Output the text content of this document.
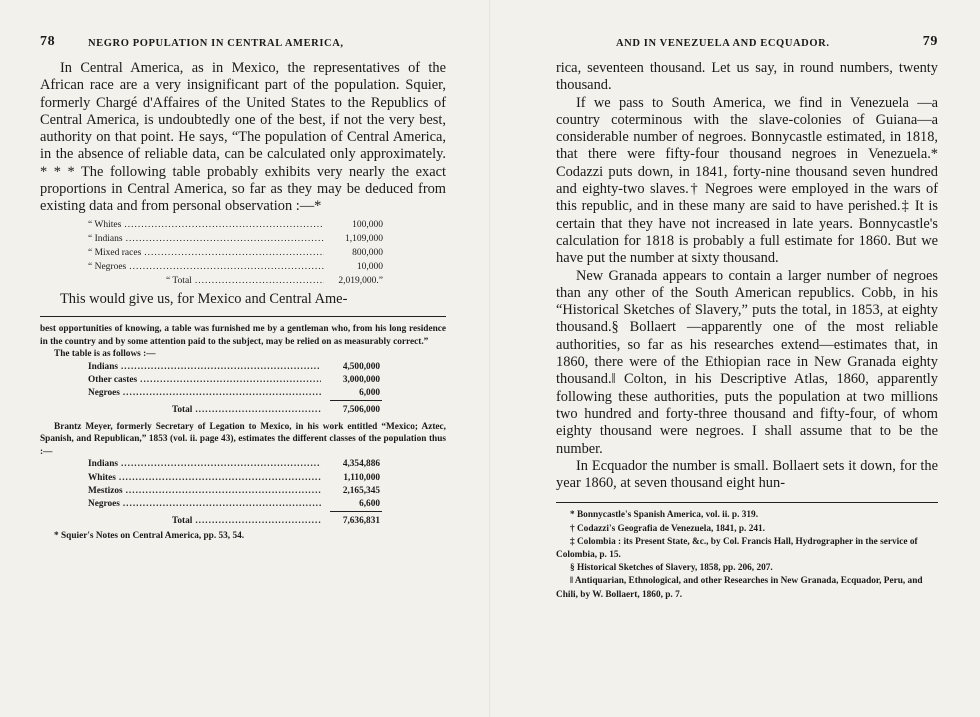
78	NEGRO POPULATION IN CENTRAL AMERICA,

In Central America, as in Mexico, the representatives of the African race are a very insignificant part of the population. Squier, formerly Chargé d'Affaires of the United States to the Republics of Central America, is undoubtedly one of the best, if not the very best, authority on that point. He says, “The population of Central America, in the absence of reliable data, can be calculated only approximately. * * * The following table probably exhibits very nearly the exact proportions in Central America, so far as they may be deduced from existing data and from personal observation :—*

“ Whites .....	100,000
“ Indians .....	1,109,000
“ Mixed races .....	800,000
“ Negroes .....	10,000
“ Total .....	2,019,000.”

This would give us, for Mexico and Central Ame-

best opportunities of knowing, a table was furnished me by a gentleman who, from his long residence in the country and by some attention paid to the subject, may be relied on as measurably correct.”

The table is as follows :—

Indians .....	4,500,000
Other castes .....	3,000,000
Negroes .....	6,000
Total .....	7,506,000

Brantz Meyer, formerly Secretary of Legation to Mexico, in his work entitled “Mexico; Aztec, Spanish, and Republican,” 1853 (vol. ii. page 43), estimates the different classes of the population thus :—

Indians .....	4,354,886
Whites .....	1,110,000
Mestizos .....	2,165,345
Negroes .....	6,600
Total .....	7,636,831

* Squier's Notes on Central America, pp. 53, 54.

AND IN VENEZUELA AND ECQUADOR.	79

rica, seventeen thousand. Let us say, in round numbers, twenty thousand.

If we pass to South America, we find in Venezuela —a country coterminous with the slave-colonies of Guiana—a considerable number of negroes. Bonnycastle estimated, in 1818, that there were fifty-four thousand negroes in Venezuela.* Codazzi puts down, in 1841, forty-nine thousand seven hundred and eighty-two slaves.† Negroes were employed in the wars of this republic, and in these many are said to have perished.‡ It is certain that they have not increased in late years. Bonnycastle's calculation for 1818 is probably a full estimate for 1860. But we have put the number at sixty thousand.

New Granada appears to contain a larger number of negroes than any other of the South American republics. Cobb, in his “Historical Sketches of Slavery,” puts the total, in 1853, at eighty thousand.§ Bollaert —apparently one of the most reliable authorities, so far as his researches extend—estimates that, in 1860, there were of the Ethiopian race in New Granada eighty thousand.‖ Colton, in his Descriptive Atlas, 1860, apparently following these authorities, puts the population at two millions two hundred and forty-three thousand and fifty-four, of whom eighty thousand were negroes. I shall assume that to be the number.

In Ecquador the number is small. Bollaert sets it down, for the year 1860, at seven thousand eight hun-

* Bonnycastle's Spanish America, vol. ii. p. 319.

† Codazzi's Geografia de Venezuela, 1841, p. 241.

‡ Colombia : its Present State, &c., by Col. Francis Hall, Hydrographer in the service of Colombia, p. 15.

§ Historical Sketches of Slavery, 1858, pp. 206, 207.

‖ Antiquarian, Ethnological, and other Researches in New Granada, Ecquador, Peru, and Chili, by W. Bollaert, 1860, p. 7.
